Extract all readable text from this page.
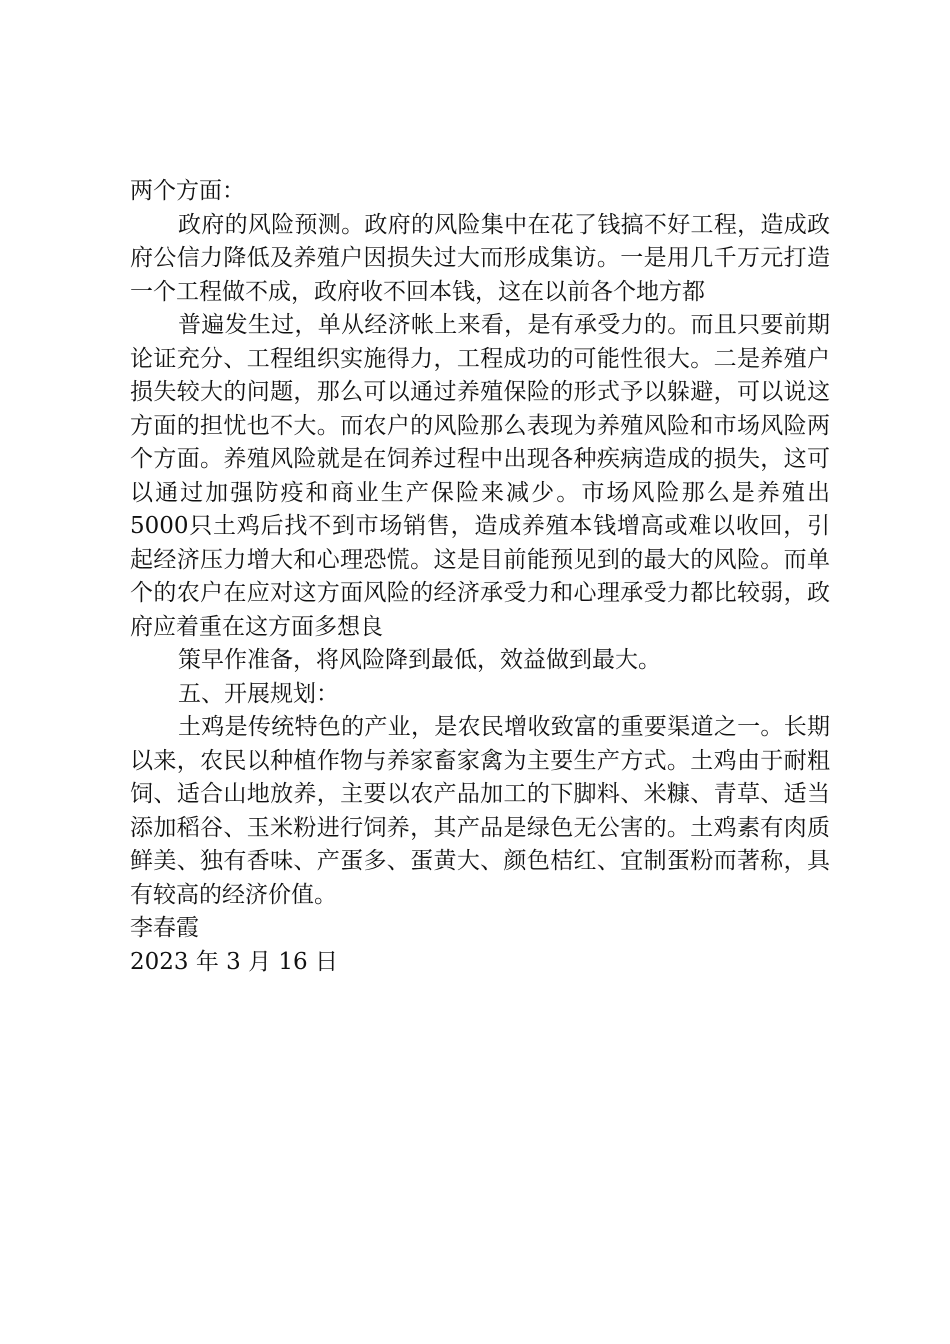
两个方面：

政府的风险预测。政府的风险集中在花了钱搞不好工程，造成政府公信力降低及养殖户因损失过大而形成集访。一是用几千万元打造一个工程做不成，政府收不回本钱，这在以前各个地方都

普遍发生过，单从经济帐上来看，是有承受力的。而且只要前期论证充分、工程组织实施得力，工程成功的可能性很大。二是养殖户损失较大的问题，那么可以通过养殖保险的形式予以躲避，可以说这方面的担忧也不大。而农户的风险那么表现为养殖风险和市场风险两个方面。养殖风险就是在饲养过程中出现各种疾病造成的损失，这可以通过加强防疫和商业生产保险来减少。市场风险那么是养殖出5000只土鸡后找不到市场销售，造成养殖本钱增高或难以收回，引起经济压力增大和心理恐慌。这是目前能预见到的最大的风险。而单个的农户在应对这方面风险的经济承受力和心理承受力都比较弱，政府应着重在这方面多想良

策早作准备，将风险降到最低，效益做到最大。

五、开展规划：

土鸡是传统特色的产业，是农民增收致富的重要渠道之一。长期以来，农民以种植作物与养家畜家禽为主要生产方式。土鸡由于耐粗饲、适合山地放养，主要以农产品加工的下脚料、米糠、青草、适当添加稻谷、玉米粉进行饲养，其产品是绿色无公害的。土鸡素有肉质鲜美、独有香味、产蛋多、蛋黄大、颜色桔红、宜制蛋粉而著称，具有较高的经济价值。

李春霞

2023 年 3 月 16 日
